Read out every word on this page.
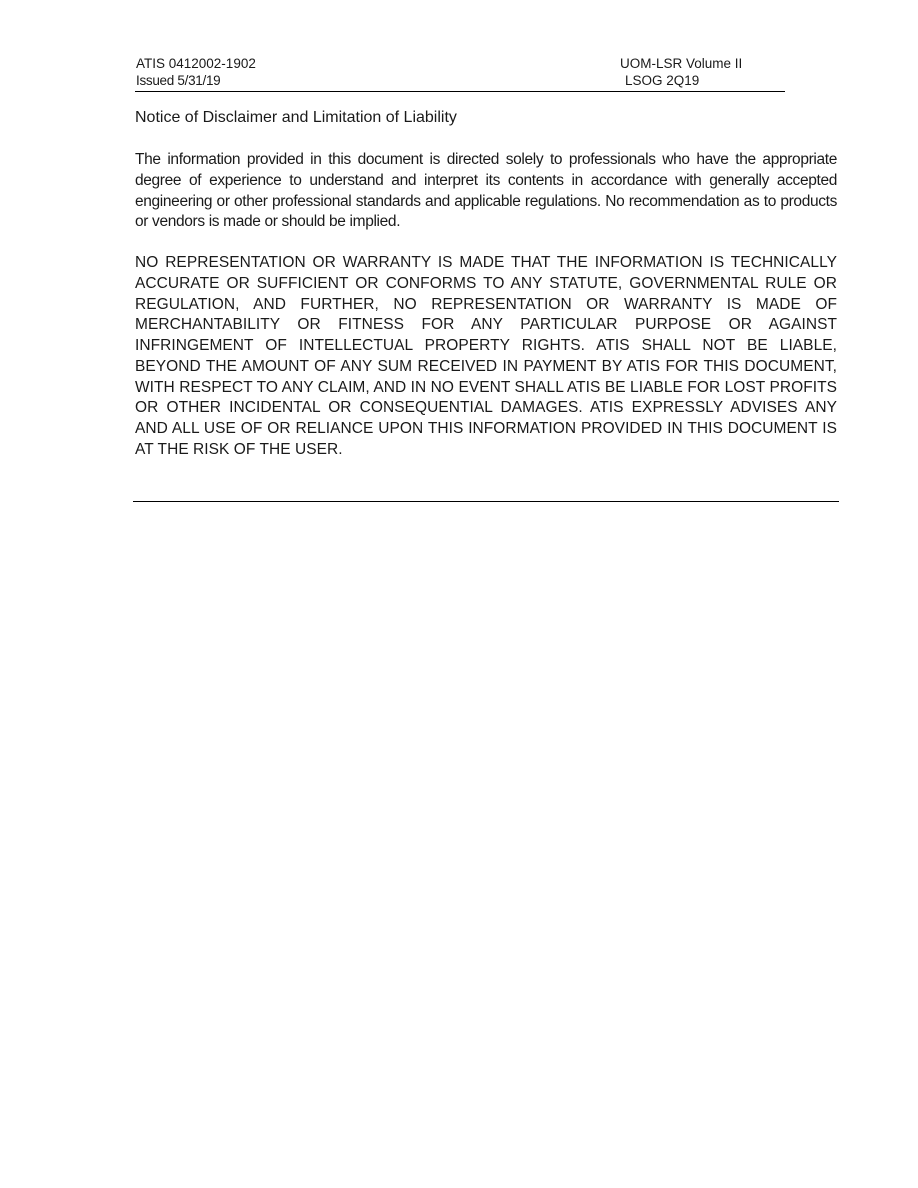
ATIS 0412002-1902
Issued 5/31/19
UOM-LSR Volume II
LSOG 2Q19
Notice of Disclaimer and Limitation of Liability

The information provided in this document is directed solely to professionals who have the appropriate degree of experience to understand and interpret its contents in accordance with generally accepted engineering or other professional standards and applicable regulations. No recommendation as to products or vendors is made or should be implied.

NO REPRESENTATION OR WARRANTY IS MADE THAT THE INFORMATION IS TECHNICALLY ACCURATE OR SUFFICIENT OR CONFORMS TO ANY STATUTE, GOVERNMENTAL RULE OR REGULATION, AND FURTHER, NO REPRESENTATION OR WARRANTY IS MADE OF MERCHANTABILITY OR FITNESS FOR ANY PARTICULAR PURPOSE OR AGAINST INFRINGEMENT OF INTELLECTUAL PROPERTY RIGHTS. ATIS SHALL NOT BE LIABLE, BEYOND THE AMOUNT OF ANY SUM RECEIVED IN PAYMENT BY ATIS FOR THIS DOCUMENT, WITH RESPECT TO ANY CLAIM, AND IN NO EVENT SHALL ATIS BE LIABLE FOR LOST PROFITS OR OTHER INCIDENTAL OR CONSEQUENTIAL DAMAGES. ATIS EXPRESSLY ADVISES ANY AND ALL USE OF OR RELIANCE UPON THIS INFORMATION PROVIDED IN THIS DOCUMENT IS AT THE RISK OF THE USER.
